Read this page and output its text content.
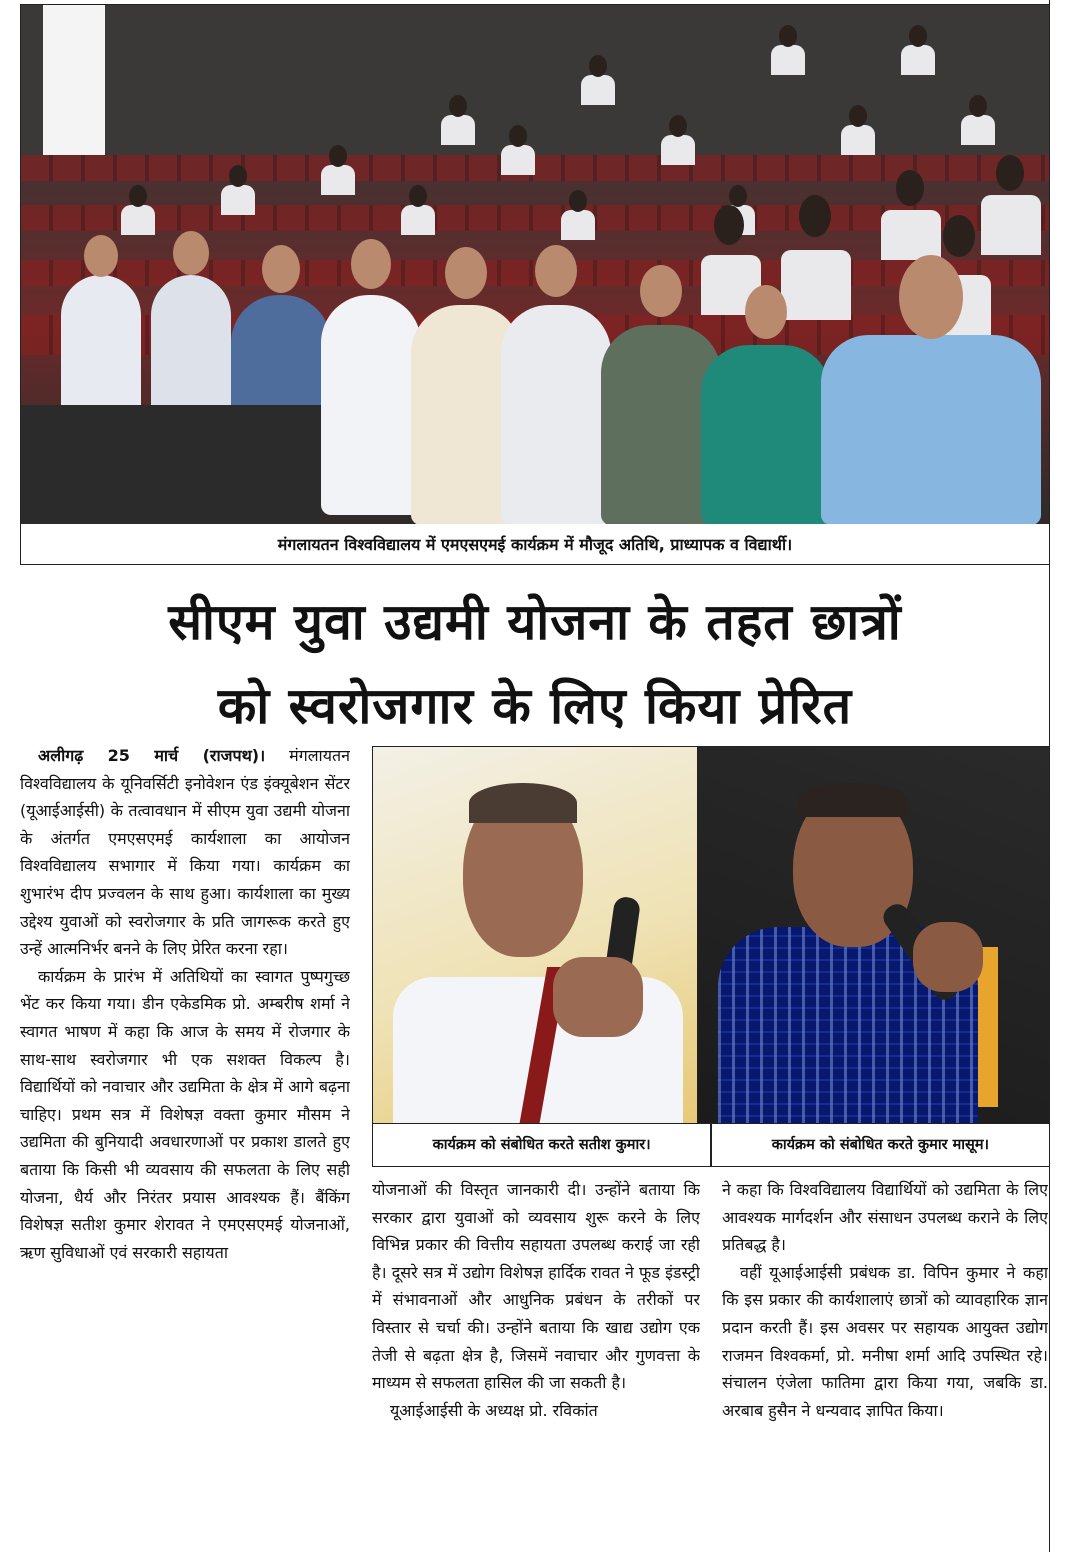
मंगलायतन विश्वविद्यालय में एमएसएमई कार्यक्रम में मौजूद अतिथि, प्राध्यापक व विद्यार्थी।
सीएम युवा उद्यमी योजना के तहत छात्रों
को स्वरोजगार के लिए किया प्रेरित

अलीगढ़ 25 मार्च (राजपथ)। मंगलायतन विश्वविद्यालय के यूनिवर्सिटी इनोवेशन एंड इंक्यूबेशन सेंटर (यूआईआईसी) के तत्वावधान में सीएम युवा उद्यमी योजना के अंतर्गत एमएसएमई कार्यशाला का आयोजन विश्वविद्यालय सभागार में किया गया। कार्यक्रम का शुभारंभ दीप प्रज्वलन के साथ हुआ। कार्यशाला का मुख्य उद्देश्य युवाओं को स्वरोजगार के प्रति जागरूक करते हुए उन्हें आत्मनिर्भर बनने के लिए प्रेरित करना रहा।

कार्यक्रम के प्रारंभ में अतिथियों का स्वागत पुष्पगुच्छ भेंट कर किया गया। डीन एकेडमिक प्रो. अम्बरीष शर्मा ने स्वागत भाषण में कहा कि आज के समय में रोजगार के साथ-साथ स्वरोजगार भी एक सशक्त विकल्प है। विद्यार्थियों को नवाचार और उद्यमिता के क्षेत्र में आगे बढ़ना चाहिए। प्रथम सत्र में विशेषज्ञ वक्ता कुमार मौसम ने उद्यमिता की बुनियादी अवधारणाओं पर प्रकाश डालते हुए बताया कि किसी भी व्यवसाय की सफलता के लिए सही योजना, धैर्य और निरंतर प्रयास आवश्यक हैं। बैंकिंग विशेषज्ञ सतीश कुमार शेरावत ने एमएसएमई योजनाओं, ऋण सुविधाओं एवं सरकारी सहायता

कार्यक्रम को संबोधित करते सतीश कुमार।	कार्यक्रम को संबोधित करते कुमार मासूम।

योजनाओं की विस्तृत जानकारी दी। उन्होंने बताया कि सरकार द्वारा युवाओं को व्यवसाय शुरू करने के लिए विभिन्न प्रकार की वित्तीय सहायता उपलब्ध कराई जा रही है। दूसरे सत्र में उद्योग विशेषज्ञ हार्दिक रावत ने फूड इंडस्ट्री में संभावनाओं और आधुनिक प्रबंधन के तरीकों पर विस्तार से चर्चा की। उन्होंने बताया कि खाद्य उद्योग एक तेजी से बढ़ता क्षेत्र है, जिसमें नवाचार और गुणवत्ता के माध्यम से सफलता हासिल की जा सकती है।

यूआईआईसी के अध्यक्ष प्रो. रविकांत

ने कहा कि विश्वविद्यालय विद्यार्थियों को उद्यमिता के लिए आवश्यक मार्गदर्शन और संसाधन उपलब्ध कराने के लिए प्रतिबद्ध है।

वहीं यूआईआईसी प्रबंधक डा. विपिन कुमार ने कहा कि इस प्रकार की कार्यशालाएं छात्रों को व्यावहारिक ज्ञान प्रदान करती हैं। इस अवसर पर सहायक आयुक्त उद्योग राजमन विश्वकर्मा, प्रो. मनीषा शर्मा आदि उपस्थित रहे। संचालन एंजेला फातिमा द्वारा किया गया, जबकि डा. अरबाब हुसैन ने धन्यवाद ज्ञापित किया।
